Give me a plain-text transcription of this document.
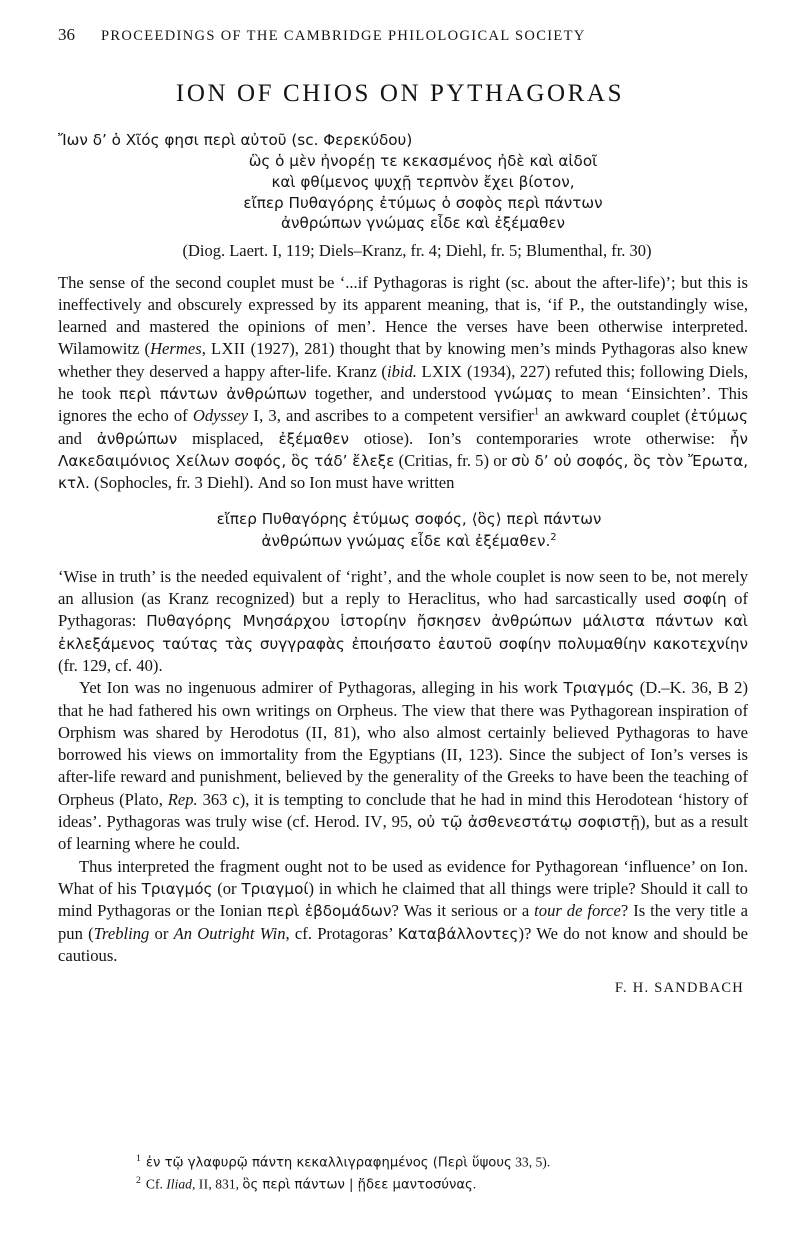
36 PROCEEDINGS OF THE CAMBRIDGE PHILOLOGICAL SOCIETY
ION OF CHIOS ON PYTHAGORAS
Ἴων δ’ ὁ Χῖός φησι περὶ αὐτοῦ (sc. Φερεκύδου)
ὣς ὁ μὲν ἠνορέῃ τε κεκασμένος ἠδὲ καὶ αἰδοῖ
καὶ φθίμενος ψυχῇ τερπνὸν ἔχει βίοτον,
εἴπερ Πυθαγόρης ἐτύμως ὁ σοφὸς περὶ πάντων
ἀνθρώπων γνώμας εἶδε καὶ ἐξέμαθεν
(Diog. Laert. I, 119; Diels–Kranz, fr. 4; Diehl, fr. 5; Blumenthal, fr. 30)

The sense of the second couplet must be ‘...if Pythagoras is right (sc. about the after-life)’; but this is ineffectively and obscurely expressed by its apparent meaning, that is, ‘if P., the outstandingly wise, learned and mastered the opinions of men’. Hence the verses have been otherwise interpreted. Wilamowitz (Hermes, LXII (1927), 281) thought that by knowing men’s minds Pythagoras also knew whether they deserved a happy after-life. Kranz (ibid. LXIX (1934), 227) refuted this; following Diels, he took περὶ πάντων ἀνθρώπων together, and understood γνώμας to mean ‘Einsichten’. This ignores the echo of Odyssey I, 3, and ascribes to a competent versifier$^1$ an awkward couplet (ἐτύμως and ἀνθρώπων misplaced, ἐξέμαθεν otiose). Ion’s contemporaries wrote otherwise: ἦν Λακεδαιμόνιος Χείλων σοφός, ὃς τάδ’ ἔλεξε (Critias, fr. 5) or σὺ δ’ οὐ σοφός, ὃς τὸν Ἔρωτα, κτλ. (Sophocles, fr. 3 Diehl). And so Ion must have written

εἴπερ Πυθαγόρης ἐτύμως σοφός, ⟨ὃς⟩ περὶ πάντων
ἀνθρώπων γνώμας εἶδε καὶ ἐξέμαθεν.$^2$

‘Wise in truth’ is the needed equivalent of ‘right’, and the whole couplet is now seen to be, not merely an allusion (as Kranz recognized) but a reply to Heraclitus, who had sarcastically used σοφίη of Pythagoras: Πυθαγόρης Μνησάρχου ἱστορίην ἤσκησεν ἀνθρώπων μάλιστα πάντων καὶ ἐκλεξάμενος ταύτας τὰς συγγραφὰς ἐποιήσατο ἑαυτοῦ σοφίην πολυμαθίην κακοτεχνίην (fr. 129, cf. 40).

Yet Ion was no ingenuous admirer of Pythagoras, alleging in his work Τριαγμός (D.–K. 36, B 2) that he had fathered his own writings on Orpheus. The view that there was Pythagorean inspiration of Orphism was shared by Herodotus (II, 81), who also almost certainly believed Pythagoras to have borrowed his views on immortality from the Egyptians (II, 123). Since the subject of Ion’s verses is after-life reward and punishment, believed by the generality of the Greeks to have been the teaching of Orpheus (Plato, Rep. 363 c), it is tempting to conclude that he had in mind this Herodotean ‘history of ideas’. Pythagoras was truly wise (cf. Herod. IV, 95, οὐ τῷ ἀσθενεστάτῳ σοφιστῇ), but as a result of learning where he could.

Thus interpreted the fragment ought not to be used as evidence for Pythagorean ‘influence’ on Ion. What of his Τριαγμός (or Τριαγμοί) in which he claimed that all things were triple? Should it call to mind Pythagoras or the Ionian περὶ ἑβδομάδων? Was it serious or a tour de force? Is the very title a pun (Trebling or An Outright Win, cf. Protagoras’ Καταβάλλοντες)? We do not know and should be cautious.

F. H. SANDBACH
$^1$ ἐν τῷ γλαφυρῷ πάντη κεκαλλιγραφημένος (Περὶ ὕψους 33, 5).
$^2$ Cf. Iliad, II, 831, ὃς περὶ πάντων | ᾔδεε μαντοσύνας.
